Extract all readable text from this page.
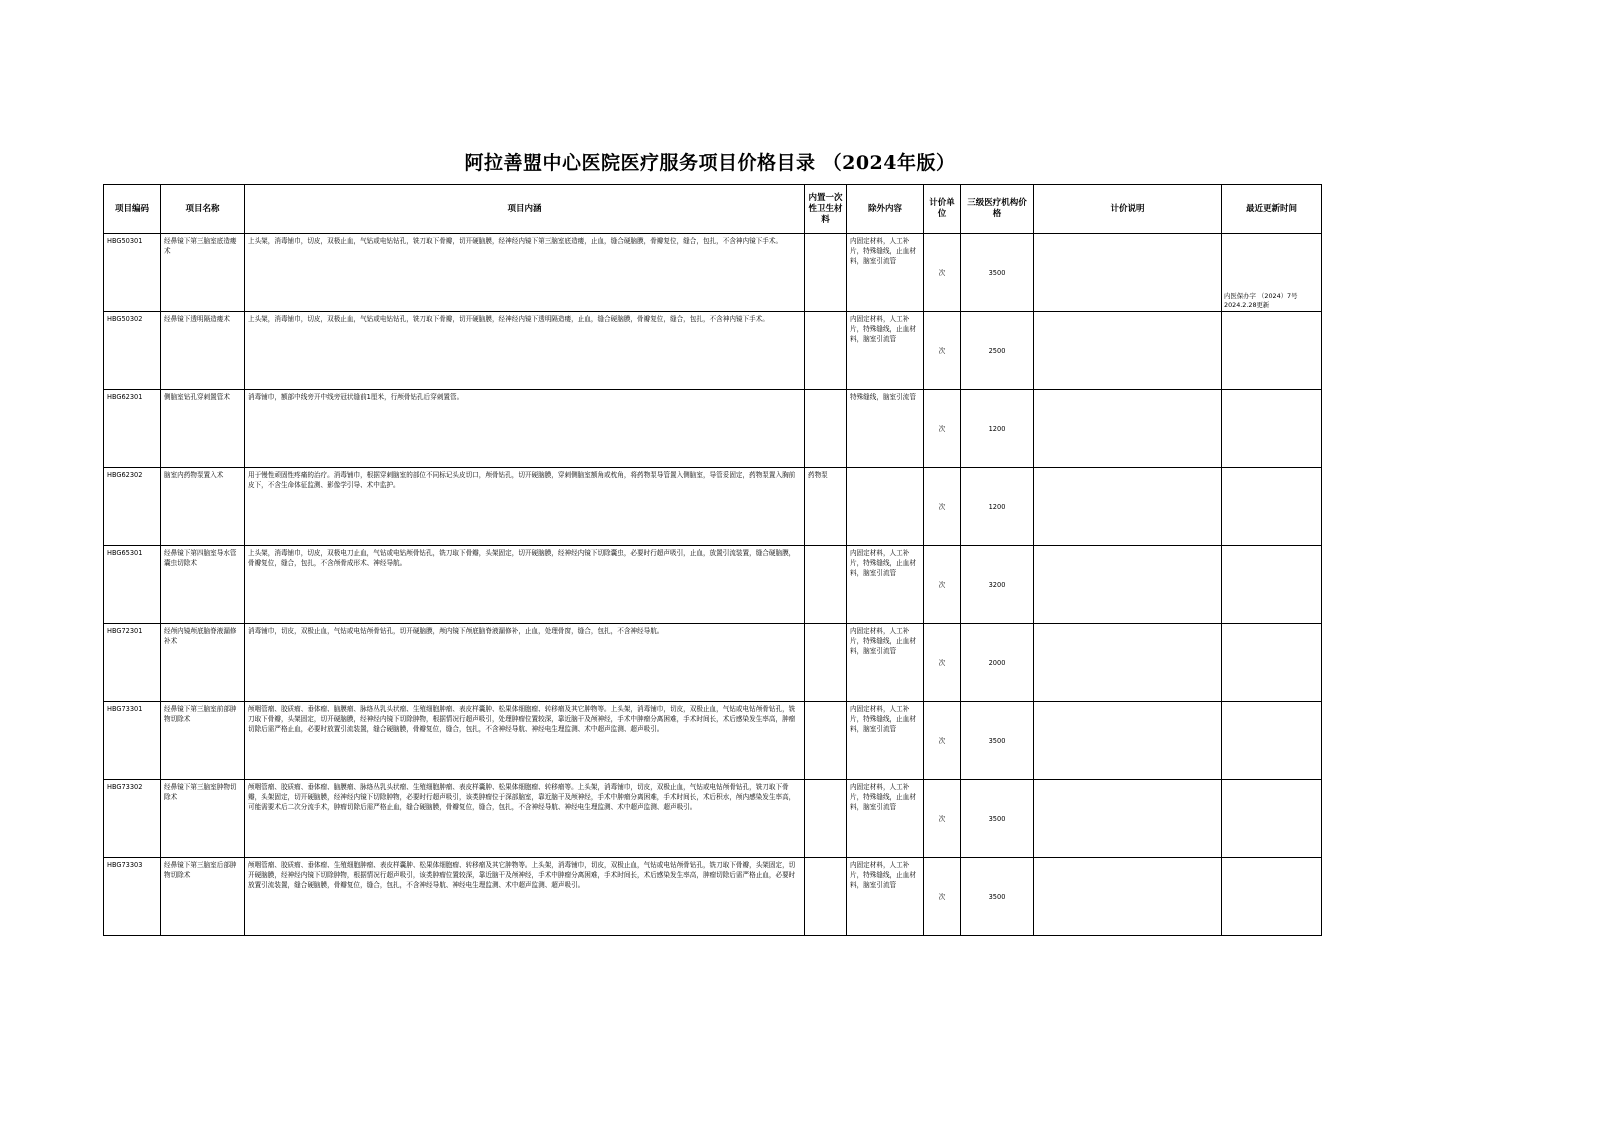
阿拉善盟中心医院医疗服务项目价格目录 （2024年版）
项目编码	项目名称	项目内涵	内置一次性卫生材料	除外内容	计价单位	三级医疗机构价格	计价说明	最近更新时间
HBG50301	经鼻镜下第三脑室底造瘘术	上头架，消毒铺巾，切皮，双极止血，气钻或电钻钻孔，铣刀取下骨瓣，切开硬脑膜，经神经内镜下第三脑室底造瘘，止血，缝合硬脑膜，骨瓣复位，缝合，包扎，不含神内镜下手术。		内固定材料，人工补片，特殊缝线，止血材料，脑室引流管	次	3500		内医保办字 （2024）7号 2024.2.28更新

HBG50302	经鼻镜下透明隔造瘘术	上头架，消毒铺巾，切皮，双极止血，气钻或电钻钻孔，铣刀取下骨瓣，切开硬脑膜，经神经内镜下透明隔造瘘，止血，缝合硬脑膜，骨瓣复位，缝合，包扎，不含神内镜下手术。		内固定材料，人工补片，特殊缝线，止血材料，脑室引流管	次	2500		
HBG62301	侧脑室钻孔穿刺置管术	消毒铺巾，额部中线旁开中线旁冠状缝前1厘米，行颅骨钻孔后穿刺置管。		特殊缝线，脑室引流管	次	1200		
HBG62302	脑室内药物泵置入术	用于慢性顽固性疼痛的治疗。消毒铺巾，根据穿刺脑室的部位不同标记头皮切口，颅骨钻孔，切开硬脑膜，穿刺侧脑室额角或枕角，将药物泵导管置入侧脑室，导管妥固定，药物泵置入胸前皮下，不含生命体征监测、影像学引导、术中监护。	药物泵		次	1200		
HBG65301	经鼻镜下第四脑室导水管囊虫切除术	上头架，消毒铺巾，切皮，双极电刀止血，气钻或电钻颅骨钻孔，铣刀取下骨瓣，头架固定，切开硬脑膜，经神经内镜下切除囊虫，必要时行超声吸引，止血，放置引流装置，缝合硬脑膜，骨瓣复位，缝合，包扎，不含颅骨成形术、神经导航。		内固定材料，人工补片，特殊缝线，止血材料，脑室引流管	次	3200		
HBG72301	经颅内镜颅底脑脊液漏修补术	消毒铺巾，切皮，双极止血，气钻或电钻颅骨钻孔，切开硬脑膜，颅内镜下颅底脑脊液漏修补，止血，处理骨窗，缝合，包扎，不含神经导航。		内固定材料，人工补片，特殊缝线，止血材料，脑室引流管	次	2000		
HBG73301	经鼻镜下第三脑室前部肿物切除术	颅咽管瘤、胶质瘤、垂体瘤、脑膜瘤、脉络丛乳头状瘤、生殖细胞肿瘤、表皮样囊肿、松果体细胞瘤、转移瘤及其它肿物等。上头架，消毒铺巾，切皮，双极止血，气钻或电钻颅骨钻孔，铣刀取下骨瓣，头架固定，切开硬脑膜，经神经内镜下切除肿物，根据情况行超声吸引，处理肿瘤位置较深，靠近脑干及颅神经，手术中肿瘤分离困难，手术时间长，术后感染发生率高，肿瘤切除后需严格止血，必要时放置引流装置，缝合硬脑膜，骨瓣复位，缝合，包扎，不含神经导航、神经电生理监测、术中超声监测、超声吸引。		内固定材料，人工补片，特殊缝线，止血材料，脑室引流管	次	3500		
HBG73302	经鼻镜下第三脑室肿物切除术	颅咽管瘤、胶质瘤、垂体瘤、脑膜瘤、脉络丛乳头状瘤、生殖细胞肿瘤、表皮样囊肿、松果体细胞瘤、转移瘤等。上头架，消毒铺巾，切皮，双极止血，气钻或电钻颅骨钻孔，铣刀取下骨瓣，头架固定，切开硬脑膜，经神经内镜下切除肿物，必要时行超声吸引，该类肿瘤位于深部脑室，靠近脑干及颅神经，手术中肿瘤分离困难，手术时间长，术后积水，颅内感染发生率高，可能需要术后二次分流手术，肿瘤切除后需严格止血，缝合硬脑膜，骨瓣复位，缝合，包扎，不含神经导航、神经电生理监测、术中超声监测、超声吸引。		内固定材料，人工补片，特殊缝线，止血材料，脑室引流管	次	3500		
HBG73303	经鼻镜下第三脑室后部肿物切除术	颅咽管瘤、胶质瘤、垂体瘤、生殖细胞肿瘤、表皮样囊肿、松果体细胞瘤、转移瘤及其它肿物等。上头架，消毒铺巾，切皮，双极止血，气钻或电钻颅骨钻孔，铣刀取下骨瓣，头架固定，切开硬脑膜，经神经内镜下切除肿物，根据情况行超声吸引，该类肿瘤位置较深，靠近脑干及颅神经，手术中肿瘤分离困难，手术时间长，术后感染发生率高，肿瘤切除后需严格止血，必要时放置引流装置，缝合硬脑膜，骨瓣复位，缝合，包扎，不含神经导航、神经电生理监测、术中超声监测、超声吸引。		内固定材料，人工补片，特殊缝线，止血材料，脑室引流管	次	3500		
